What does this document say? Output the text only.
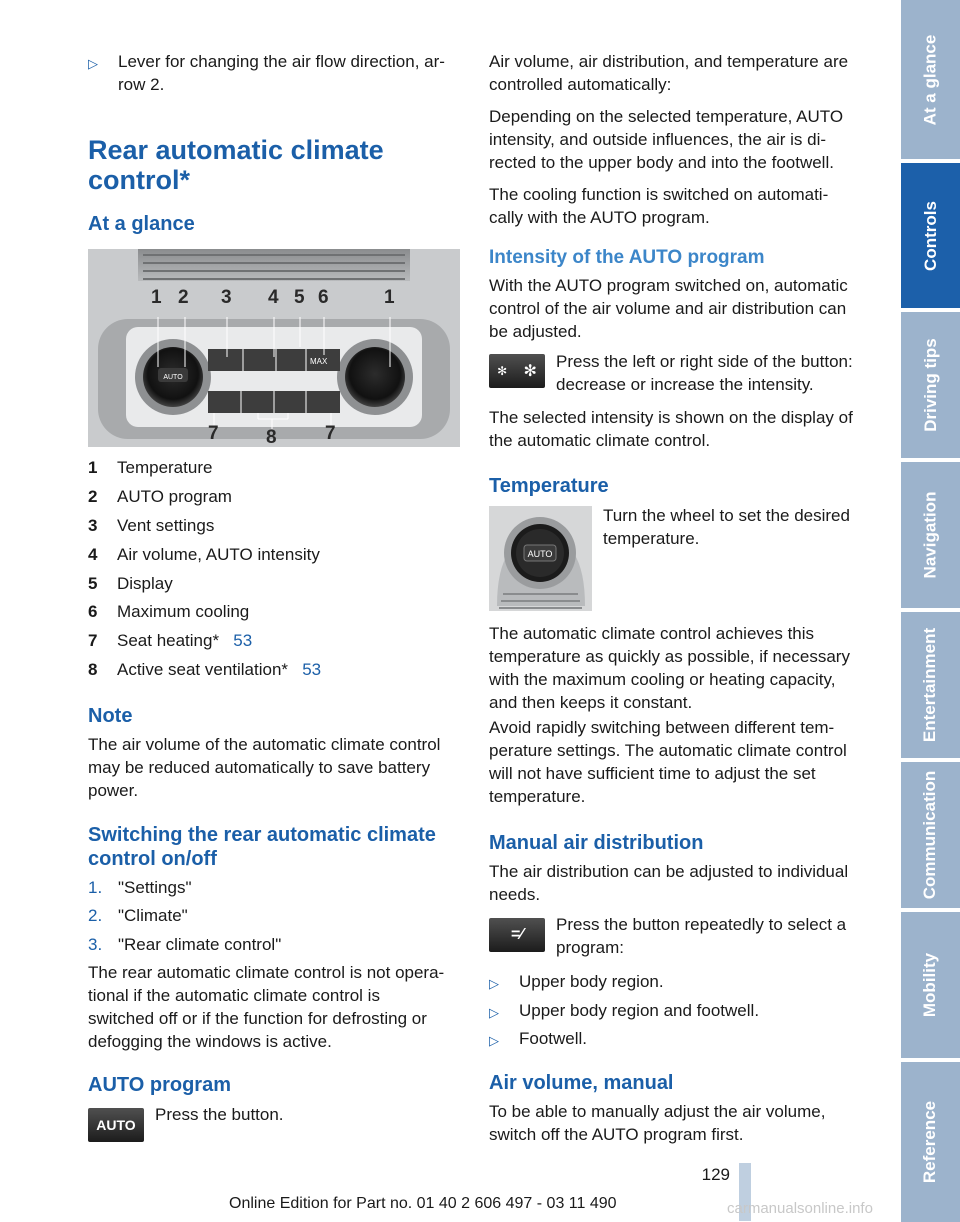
▷ Lever for changing the air flow direction, ar-
row 2.
Rear automatic climate
control*
At a glance
AUTO
MAX
1 2 3 4 5 6	1
7 8	7
1 Temperature
2 AUTO program
3 Vent settings
4 Air volume, AUTO intensity
5 Display
6 Maximum cooling
7 Seat heating* 53
8 Active seat ventilation* 53
Note
The air volume of the automatic climate control may be reduced automatically to save battery power.
Switching the rear automatic climate
control on/off
1. "Settings"
2. "Climate"
3. "Rear climate control"
The rear automatic climate control is not opera-
tional if the automatic climate control is
switched off or if the function for defrosting or
defogging the windows is active.
AUTO program
AUTO
Press the button.
Air volume, air distribution, and temperature are controlled automatically:
Depending on the selected temperature, AUTO intensity, and outside influences, the air is di-
rected to the upper body and into the footwell.
The cooling function is switched on automati-
cally with the AUTO program.
Intensity of the AUTO program
With the AUTO program switched on, automatic control of the air volume and air distribution can be adjusted.
✻ ✻
Press the left or right side of the button: decrease or increase the intensity.
The selected intensity is shown on the display of the automatic climate control.
Temperature
AUTO
Turn the wheel to set the desired temperature.
The automatic climate control achieves this temperature as quickly as possible, if necessary with the maximum cooling or heating capacity, and then keeps it constant.
Avoid rapidly switching between different tem-
perature settings. The automatic climate control will not have sufficient time to adjust the set temperature.
Manual air distribution
The air distribution can be adjusted to individual needs.
=⁄
Press the button repeatedly to select a program:
▷ Upper body region.
▷ Upper body region and footwell.
▷ Footwell.
Air volume, manual
To be able to manually adjust the air volume, switch off the AUTO program first.
129
Online Edition for Part no. 01 40 2 606 497 - 03 11 490	carmanualsonline.info
At a glance
Controls
Driving tips
Navigation
Entertainment
Communication
Mobility
Reference
